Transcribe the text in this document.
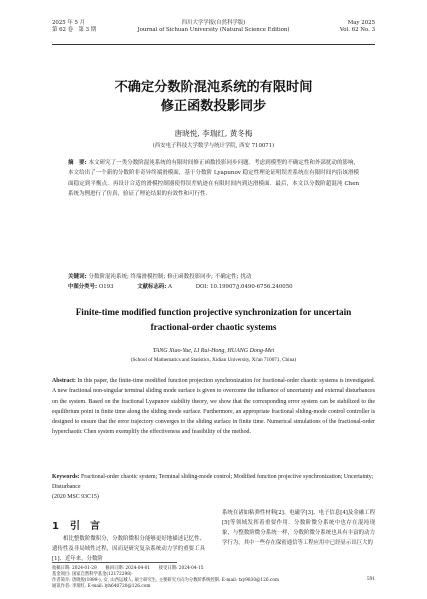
2025 年 5 月
第 62 卷　第 3 期
四川大学学报(自然科学版)
Journal of Sichuan University (Natural Science Edition)
May 2025
Vol. 62 No. 3
不确定分数阶混沌系统的有限时间
修正函数投影同步
唐晓悦, 李瑞红, 黄冬梅
(西安电子科技大学数学与统计学院, 西安 710071)
摘　要: 本文研究了一类分数阶混沌系统的有限时间修正函数投影同步问题．考虑到模型的不确定性和外部扰动的影响，本文给出了一个新的分数阶非奇异终端滑模面，基于分数阶 Lyapunov 稳定性理论证明误差系统在有限时间内沿该滑模面稳定到平衡点．再设计合适的滑模控制器使得误差轨迹在有限时间内到达滑模面．最后，本文以分数阶超混沌 Chen 系统为例进行了仿真，验证了理论结果的有效性和可行性．
关键词: 分数阶混沌系统; 终端滑模控制; 修正函数投影同步; 不确定性; 扰动
中图分类号: O193	文献标志码: A	DOI: 10.19907/j.0490-6756.240050
Finite-time modified function projective synchronization for uncertain
fractional-order chaotic systems
TANG Xiao-Yue, LI Rui-Hong, HUANG Dong-Mei
(School of Mathematics and Statistics, Xidian University, Xi'an 710071, China)
Abstract: In this paper, the finite-time modified function projection synchronization for fractional-order chaotic systems is investigated. A new fractional non-singular terminal sliding mode surface is given to overcome the influence of uncertainty and external disturbances on the system. Based on the fractional Lyapunov stability theory, we show that the corresponding error system can be stabilized to the equilibrium point in finite time along the sliding mode surface. Furthermore, an appropriate fractional sliding-mode control controller is designed to ensure that the error trajectory converges to the sliding surface in finite time. Numerical simulations of the fractional-order hyperchaotic Chen system exemplify the effectiveness and feasibility of the method.
Keywords: Fractional-order chaotic system; Terminal sliding-mode control; Modified function projective synchronization; Uncertainty; Disturbance
(2020 MSC 93C15)
1 引　言
相比整数阶微积分，分数阶微积分能够更好地描述记忆性、遗传性及非局域性过程，因而是研究复杂系统动力学的重要工具[1]．近年来，分数阶
系统在诸如粘弹性材料[2]、电磁学[3]、电子信息[4]及金融工程[5]等领域发挥着重要作用．分数阶微分系统中也存在混沌现象，与整数阶微分系统一样，分数阶微分系统也具有丰富的动力学行为，其中一些存在保密通信等工程应用中已经显示出巨大的
收稿日期: 2024-01-29　　修回日期: 2024-04-01　　接受日期: 2024-04-15
基金项目: 国家自然科学基金(12172298)
作者简介: 唐晓悦(1999-), 女, 山西运城人, 硕士研究生, 主要研究方向为分数阶系统控制. E-mail: txy9830@126.com
通讯作者: 李瑞红. E-mail: lyh640720@126.com
591
